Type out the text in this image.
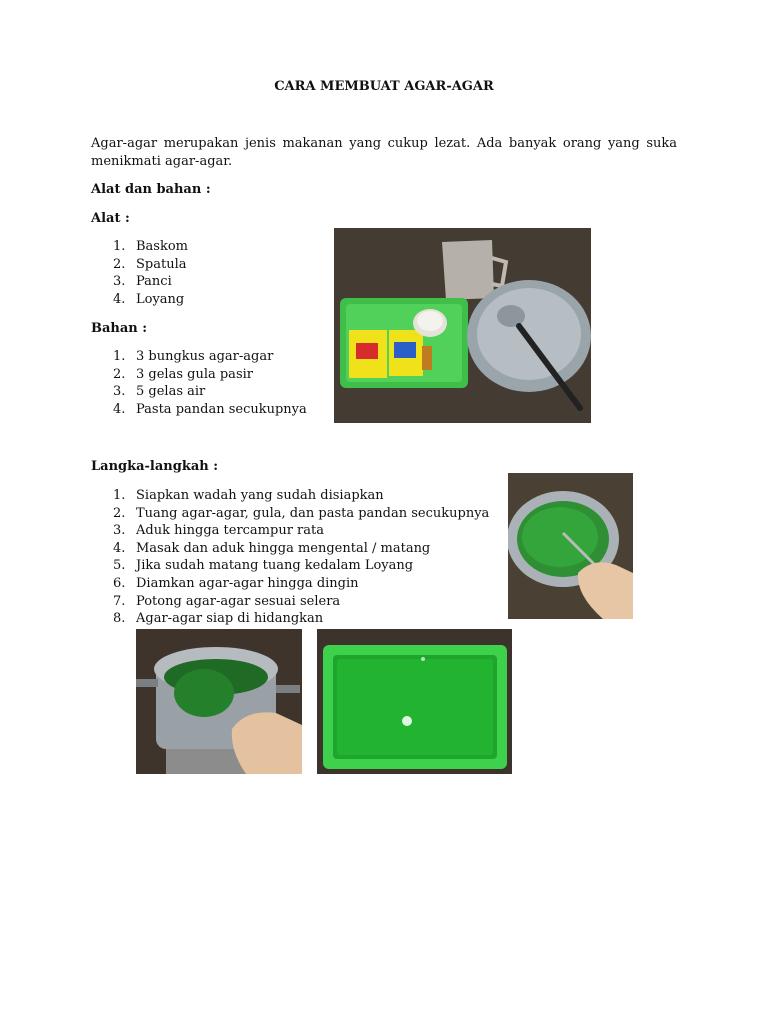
CARA MEMBUAT AGAR-AGAR
Agar-agar merupakan jenis makanan yang cukup lezat. Ada banyak orang yang suka menikmati agar-agar.
Alat dan bahan :
Alat :
1. Baskom
2. Spatula
3. Panci
4. Loyang
Bahan :
1. 3 bungkus agar-agar
2. 3 gelas gula pasir
3. 5 gelas air
4. Pasta pandan secukupnya
Langka-langkah :
1. Siapkan wadah yang sudah disiapkan
2. Tuang agar-agar, gula, dan pasta pandan secukupnya
3. Aduk hingga tercampur rata
4. Masak dan aduk hingga mengental / matang
5. Jika sudah matang tuang kedalam Loyang
6. Diamkan agar-agar hingga dingin
7. Potong agar-agar sesuai selera
8. Agar-agar siap di hidangkan
